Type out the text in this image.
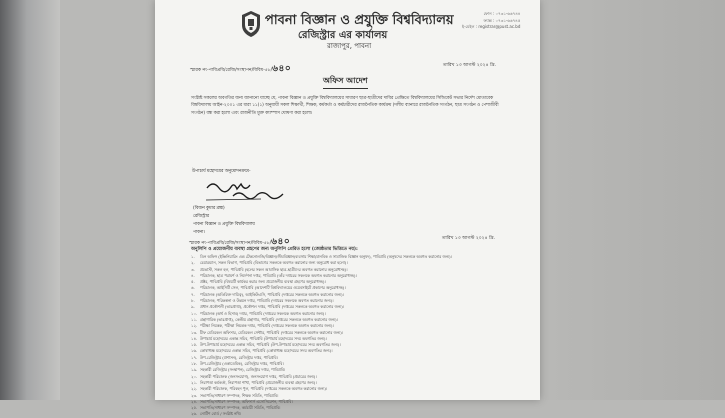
পাবনা বিজ্ঞান ও প্রযুক্তি বিশ্ববিদ্যালয়
রেজিস্ট্রার এর কার্যালয়
রাজাপুর, পাবনা
ফোন : ০৭৩১-৬৬৭৪৪
ফ্যাক্স : ০৭৩১-৬৬৭৪৫
ই-মেইল : registrar@pust.ac.bd
স্মারক নং-পাবিপ্রবি/রেজি/সংস্থাপন/বিবিধ-৫৮/৬৪০	তারিখ ১৩ আগস্ট ২০২৪ খ্রি.
অফিস আদেশ
সংশ্লিষ্ট সকলের অবগতির জন্য জানানো যাচ্ছে যে, পাবনা বিজ্ঞান ও প্রযুক্তি বিশ্ববিদ্যালয়ের সাধারণ ছাত্র-ছাত্রীদের দাবির প্রেক্ষিতে বিশ্ববিদ্যালয়ের সিন্ডিকেট সভার নির্দেশ মোতাবেক বিশ্ববিদ্যালয় আইন-২০০১ এর ধারা ১১(১) অনুযায়ী সকল শিক্ষার্থী, শিক্ষক, কর্মকর্তা ও কর্মচারীদের রাজনৈতিক কার্যক্রম (দলীয় ব্যানারে রাজনৈতিক সংগঠন, ছাত্র সংগঠন ও পেশাজীবী সংগঠন) বন্ধ করা হলো এবং রাজনীতি মুক্ত ক্যাম্পাস ঘোষণা করা হলো।
উপাচার্য মহোদয়ের অনুমোদনক্রমে-
(বিজন কুমার ব্রহ্ম)
রেজিস্ট্রার
পাবনা বিজ্ঞান ও প্রযুক্তি বিশ্ববিদ্যালয়
পাবনা।
স্মারক নং-পাবিপ্রবি/রেজি/সংস্থাপন/বিবিধ-৫৮/৬৪০	তারিখ ১৩ আগস্ট ২০২৪ খ্রি.
অনুলিপি ও প্রয়োজনীয় ব্যবস্থা গ্রহণের জন্য অনুলিপি প্রেরিত হলো (জ্যেষ্ঠতার ভিত্তিতে নয়):
১. ডিন অফিস (ইঞ্জিনিয়ারিং এন্ড টেকনোলজি/বিজ্ঞান/জীববিজ্ঞান/ব্যবসায় শিক্ষা/মানবিক ও সামাজিক বিজ্ঞান অনুষদ), পাবিপ্রবি (অনুষদের সকলকে অবগত করানোর জন্য)।
২. চেয়ারম্যান, সকল বিভাগ, পাবিপ্রবি (বিভাগের সকলকে অবগত করানোর জন্য অনুরোধ করা হলো)।
৩. প্রভোস্ট, সকল হল, পাবিপ্রবি (হলের সকল আবাসিক ছাত্র-ছাত্রীদের অবগত করানোর অনুরোধসহ)।
৪. পরিচালক, ছাত্র পরামর্শ ও নির্দেশনা দপ্তর, পাবিপ্রবি (তাঁর দপ্তরের সকলকে অবগত করানোর অনুরোধসহ)।
৫. প্রক্টর, পাবিপ্রবি (বিষয়টি কার্যকর করার জন্য প্রয়োজনীয় ব্যবস্থা গ্রহণের অনুরোধসহ)।
৬. পরিচালক, আইসিটি সেল, পাবিপ্রবি (আদেশটি বিশ্ববিদ্যালয়ের ওয়েবসাইটে প্রকাশের অনুরোধসহ)।
৭. পরিচালক (অতিরিক্ত দায়িত্ব), আইকিউএসি, পাবিপ্রবি (দপ্তরের সকলকে অবগত করানোর জন্য)।
৮. পরিচালক, পরিকল্পনা ও উন্নয়ন দপ্তর, পাবিপ্রবি (দপ্তরের সকলকে অবগত করানোর জন্য)।
৯. প্রধান প্রকৌশলী (ভারপ্রাপ্ত), প্রকৌশল দপ্তর, পাবিপ্রবি (দপ্তরের সকলকে অবগত করানোর জন্য)।
১০. পরিচালক (অর্থ ও হিসাব) দপ্তর, পাবিপ্রবি (দপ্তরের সকলকে অবগত করানোর জন্য)।
১১. গ্রন্থাগারিক (ভারপ্রাপ্ত), কেন্দ্রীয় গ্রন্থাগার, পাবিপ্রবি (দপ্তরের সকলকে অবগত করানোর জন্য)।
১২. পরীক্ষা নিয়ন্ত্রক, পরীক্ষা নিয়ন্ত্রক দপ্তর, পাবিপ্রবি (দপ্তরের সকলকে অবগত করানোর জন্য)।
১৩. চীফ মেডিকেল অফিসার, মেডিকেল সেন্টার, পাবিপ্রবি (দপ্তরের সকলকে অবগত করানোর জন্য)।
১৪. উপাচার্য মহোদয়ের একান্ত সচিব, পাবিপ্রবি (উপাচার্য মহোদয়ের সদয় অবগতির জন্য)।
১৫. উপ-উপাচার্য মহোদয়ের একান্ত সচিব, পাবিপ্রবি (উপ-উপাচার্য মহোদয়ের সদয় অবগতির জন্য)।
১৬. কোষাধ্যক্ষ মহোদয়ের একান্ত সচিব, পাবিপ্রবি (কোষাধ্যক্ষ মহোদয়ের সদয় অবগতির জন্য)।
১৭. উপ-রেজিস্ট্রার (প্রশাসন), রেজিস্ট্রার দপ্তর, পাবিপ্রবি।
১৮. উপ-রেজিস্ট্রার (একাডেমিক), রেজিস্ট্রার দপ্তর, পাবিপ্রবি।
১৯. সহকারী রেজিস্ট্রার (সংস্থাপন), রেজিস্ট্রার দপ্তর, পাবিপ্রবি।
২০. সহকারী পরিচালক (জনসংযোগ), জনসংযোগ দপ্তর, পাবিপ্রবি (প্রচারের জন্য)।
২১. নিরাপত্তা কর্মকর্তা, নিরাপত্তা শাখা, পাবিপ্রবি (প্রয়োজনীয় ব্যবস্থা গ্রহণের জন্য)।
২২. সহকারী পরিচালক, পরিবহন পুল, পাবিপ্রবি (দপ্তরের সকলকে অবগত করানোর জন্য)।
২৩. সভাপতি/সাধারণ সম্পাদক, শিক্ষক সমিতি, পাবিপ্রবি।
২৪. সভাপতি/সাধারণ সম্পাদক, অফিসার্স এসোসিয়েশন, পাবিপ্রবি।
২৫. সভাপতি/সাধারণ সম্পাদক, কর্মচারী সমিতি, পাবিপ্রবি।
২৬. নোটিশ বোর্ড / সংশ্লিষ্ট নথি।
